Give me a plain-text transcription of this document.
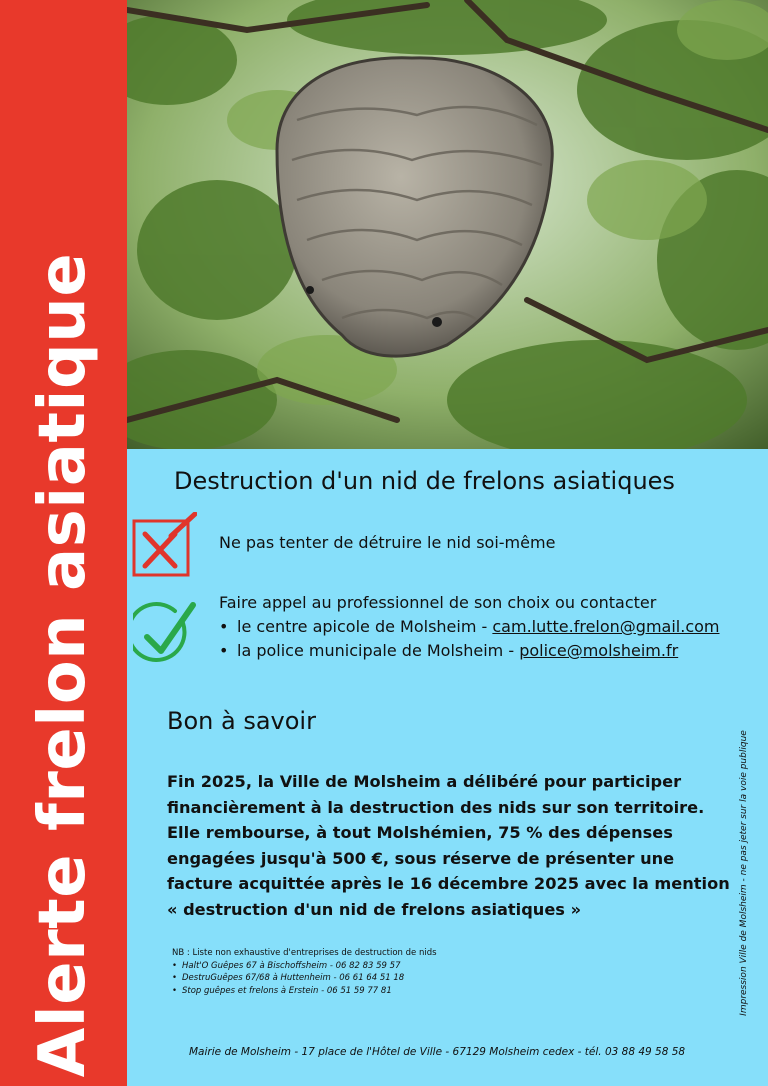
Alerte frelon asiatique	Destruction d'un nid de frelons asiatiques
Ne pas tenter de détruire le nid soi-même
Faire appel au professionnel de son choix ou contacter
• le centre apicole de Molsheim - cam.lutte.frelon@gmail.com
• la police municipale de Molsheim - police@molsheim.fr
Bon à savoir

Fin 2025, la Ville de Molsheim a délibéré pour participer

financièrement à la destruction des nids sur son territoire.

Elle rembourse, à tout Molshémien, 75 % des dépenses

engagées jusqu'à 500 €, sous réserve de présenter une

facture acquittée après le 16 décembre 2025 avec la mention

« destruction d'un nid de frelons asiatiques »

NB : Liste non exhaustive d'entreprises de destruction de nids
• Halt'O Guêpes 67 à Bischoffsheim - 06 82 83 59 57
• DestruGuêpes 67/68 à Huttenheim - 06 61 64 51 18
• Stop guêpes et frelons à Erstein - 06 51 59 77 81
Mairie de Molsheim - 17 place de l'Hôtel de Ville - 67129 Molsheim cedex - tél. 03 88 49 58 58
Impression Ville de Molsheim - ne pas jeter sur la voie publique
